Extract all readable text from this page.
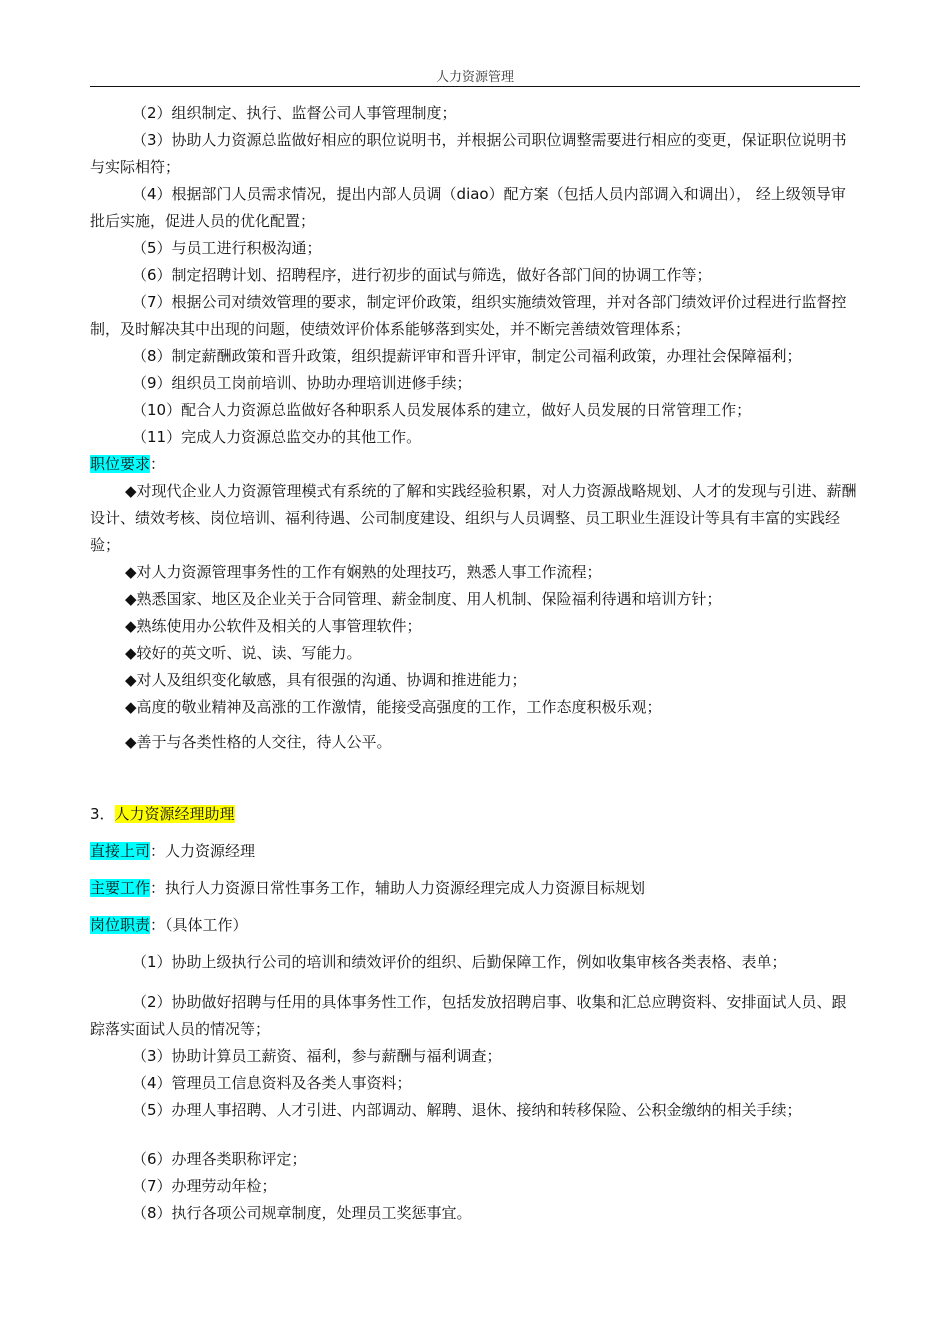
人力资源管理

（2）组织制定、执行、监督公司人事管理制度；

（3）协助人力资源总监做好相应的职位说明书，并根据公司职位调整需要进行相应的变更，保证职位说明书与实际相符；

（4）根据部门人员需求情况，提出内部人员调（diao）配方案（包括人员内部调入和调出）， 经上级领导审批后实施，促进人员的优化配置；

（5）与员工进行积极沟通；

（6）制定招聘计划、招聘程序，进行初步的面试与筛选，做好各部门间的协调工作等；

（7）根据公司对绩效管理的要求，制定评价政策，组织实施绩效管理，并对各部门绩效评价过程进行监督控制，及时解决其中出现的问题，使绩效评价体系能够落到实处，并不断完善绩效管理体系；

（8）制定薪酬政策和晋升政策，组织提薪评审和晋升评审，制定公司福利政策，办理社会保障福利；

（9）组织员工岗前培训、协助办理培训进修手续；

（10）配合人力资源总监做好各种职系人员发展体系的建立，做好人员发展的日常管理工作；

（11）完成人力资源总监交办的其他工作。

职位要求：

◆对现代企业人力资源管理模式有系统的了解和实践经验积累，对人力资源战略规划、人才的发现与引进、薪酬设计、绩效考核、岗位培训、福利待遇、公司制度建设、组织与人员调整、员工职业生涯设计等具有丰富的实践经验；

◆对人力资源管理事务性的工作有娴熟的处理技巧，熟悉人事工作流程；

◆熟悉国家、地区及企业关于合同管理、薪金制度、用人机制、保险福利待遇和培训方针；

◆熟练使用办公软件及相关的人事管理软件；

◆较好的英文听、说、读、写能力。

◆对人及组织变化敏感，具有很强的沟通、协调和推进能力；

◆高度的敬业精神及高涨的工作激情，能接受高强度的工作，工作态度积极乐观；

◆善于与各类性格的人交往，待人公平。

3．人力资源经理助理

直接上司：人力资源经理

主要工作：执行人力资源日常性事务工作，辅助人力资源经理完成人力资源目标规划

岗位职责：（具体工作）

（1）协助上级执行公司的培训和绩效评价的组织、后勤保障工作，例如收集审核各类表格、表单；

（2）协助做好招聘与任用的具体事务性工作，包括发放招聘启事、收集和汇总应聘资料、安排面试人员、跟踪落实面试人员的情况等；

（3）协助计算员工薪资、福利，参与薪酬与福利调查；

（4）管理员工信息资料及各类人事资料；

（5）办理人事招聘、人才引进、内部调动、解聘、退休、接纳和转移保险、公积金缴纳的相关手续；

（6）办理各类职称评定；

（7）办理劳动年检；

（8）执行各项公司规章制度，处理员工奖惩事宜。
